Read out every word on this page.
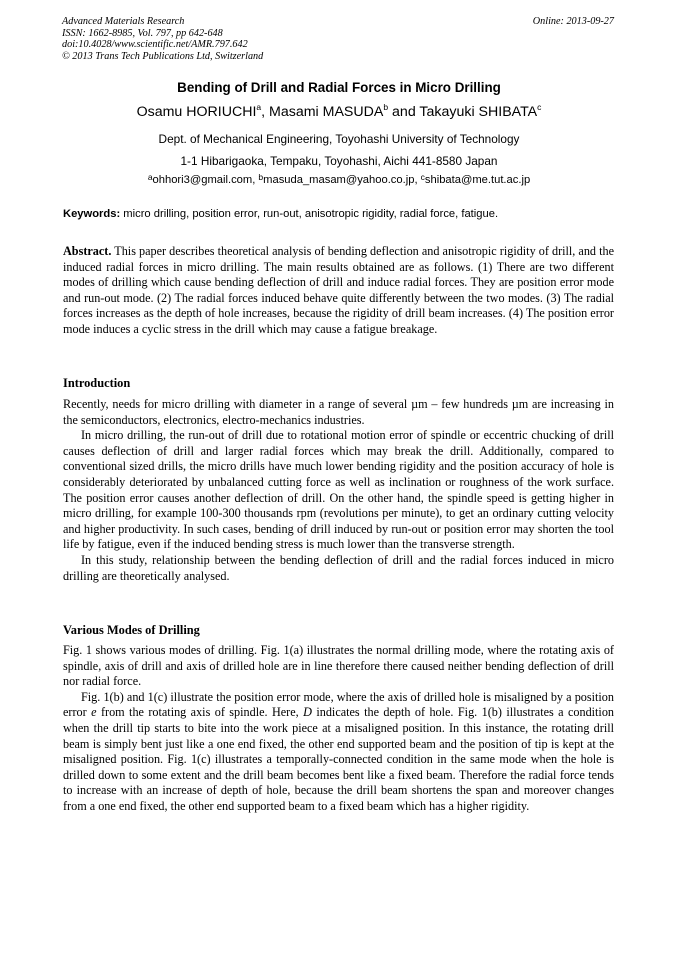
Advanced Materials Research
ISSN: 1662-8985, Vol. 797, pp 642-648
doi:10.4028/www.scientific.net/AMR.797.642
© 2013 Trans Tech Publications Ltd, Switzerland
Online: 2013-09-27
Bending of Drill and Radial Forces in Micro Drilling
Osamu HORIUCHI$^a$, Masami MASUDA$^b$ and Takayuki SHIBATA$^c$
Dept. of Mechanical Engineering, Toyohashi University of Technology
1-1 Hibarigaoka, Tempaku, Toyohashi, Aichi 441-8580 Japan
$^a$ohhori3@gmail.com, $^b$masuda_masam@yahoo.co.jp, $^c$shibata@me.tut.ac.jp
Keywords: micro drilling, position error, run-out, anisotropic rigidity, radial force, fatigue.

Abstract. This paper describes theoretical analysis of bending deflection and anisotropic rigidity of drill, and the induced radial forces in micro drilling. The main results obtained are as follows. (1) There are two different modes of drilling which cause bending deflection of drill and induce radial forces. They are position error mode and run-out mode. (2) The radial forces induced behave quite differently between the two modes. (3) The radial forces increases as the depth of hole increases, because the rigidity of drill beam increases. (4) The position error mode induces a cyclic stress in the drill which may cause a fatigue breakage.

Introduction

Recently, needs for micro drilling with diameter in a range of several µm – few hundreds µm are increasing in the semiconductors, electronics, electro-mechanics industries.

In micro drilling, the run-out of drill due to rotational motion error of spindle or eccentric chucking of drill causes deflection of drill and larger radial forces which may break the drill. Additionally, compared to conventional sized drills, the micro drills have much lower bending rigidity and the position accuracy of hole is considerably deteriorated by unbalanced cutting force as well as inclination or roughness of the work surface. The position error causes another deflection of drill. On the other hand, the spindle speed is getting higher in micro drilling, for example 100-300 thousands rpm (revolutions per minute), to get an ordinary cutting velocity and higher productivity. In such cases, bending of drill induced by run-out or position error may shorten the tool life by fatigue, even if the induced bending stress is much lower than the transverse strength.

In this study, relationship between the bending deflection of drill and the radial forces induced in micro drilling are theoretically analysed.

Various Modes of Drilling

Fig. 1 shows various modes of drilling. Fig. 1(a) illustrates the normal drilling mode, where the rotating axis of spindle, axis of drill and axis of drilled hole are in line therefore there caused neither bending deflection of drill nor radial force.

Fig. 1(b) and 1(c) illustrate the position error mode, where the axis of drilled hole is misaligned by a position error e from the rotating axis of spindle. Here, D indicates the depth of hole. Fig. 1(b) illustrates a condition when the drill tip starts to bite into the work piece at a misaligned position. In this instance, the rotating drill beam is simply bent just like a one end fixed, the other end supported beam and the position of tip is kept at the misaligned position. Fig. 1(c) illustrates a temporally-connected condition in the same mode when the hole is drilled down to some extent and the drill beam becomes bent like a fixed beam. Therefore the radial force tends to increase with an increase of depth of hole, because the drill beam shortens the span and moreover changes from a one end fixed, the other end supported beam to a fixed beam which has a higher rigidity.
